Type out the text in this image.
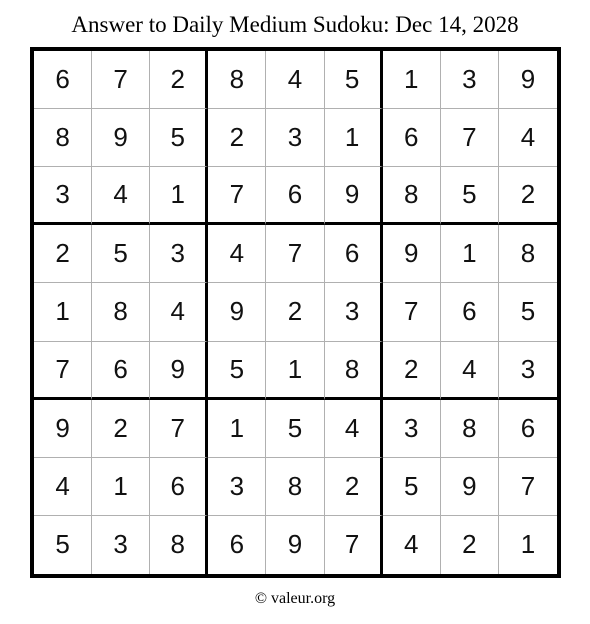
Answer to Daily Medium Sudoku: Dec 14, 2028
6	7	2	8	4	5	1	3	9
8	9	5	2	3	1	6	7	4
3	4	1	7	6	9	8	5	2
2	5	3	4	7	6	9	1	8
1	8	4	9	2	3	7	6	5
7	6	9	5	1	8	2	4	3
9	2	7	1	5	4	3	8	6
4	1	6	3	8	2	5	9	7
5	3	8	6	9	7	4	2	1
© valeur.org
